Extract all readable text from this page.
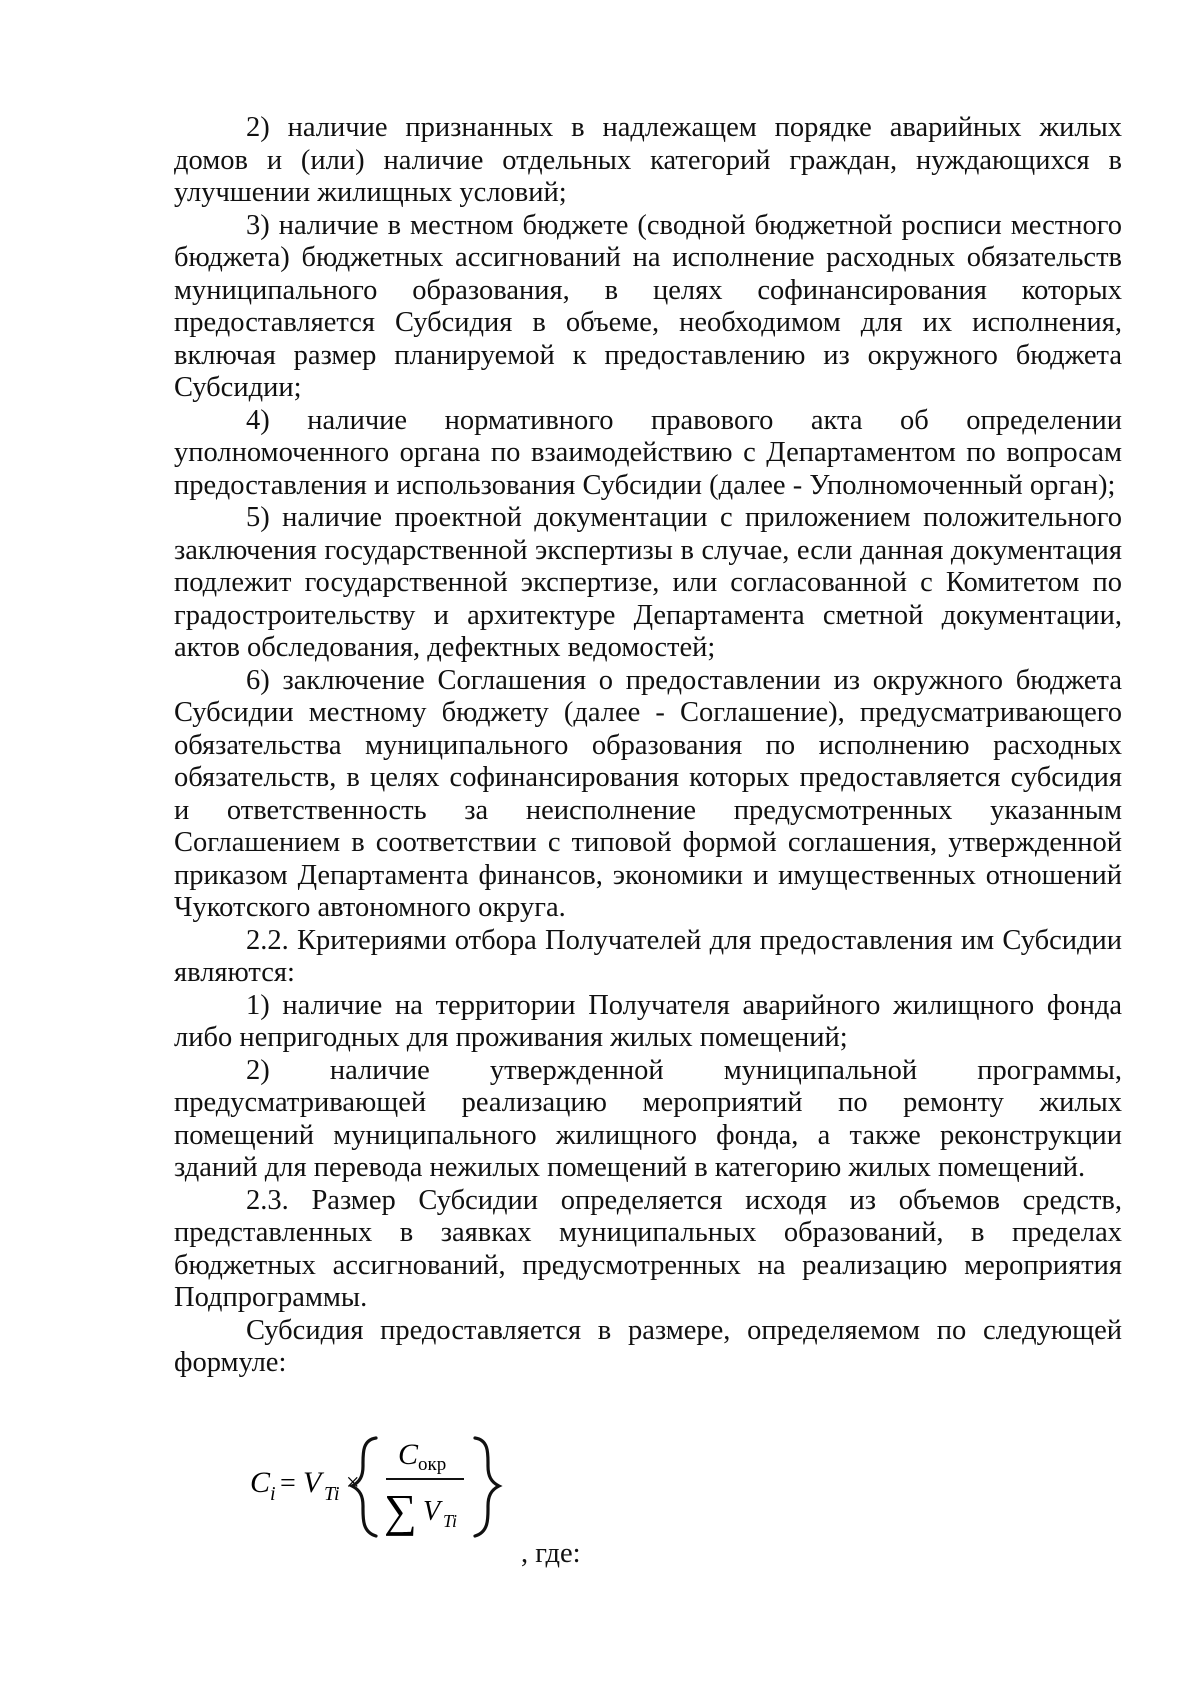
2) наличие признанных в надлежащем порядке аварийных жилых домов и (или) наличие отдельных категорий граждан, нуждающихся в улучшении жилищных условий;

3) наличие в местном бюджете (сводной бюджетной росписи местного бюджета) бюджетных ассигнований на исполнение расходных обязательств муниципального образования, в целях софинансирования которых предоставляется Субсидия в объеме, необходимом для их исполнения, включая размер планируемой к предоставлению из окружного бюджета Субсидии;

4) наличие нормативного правового акта об определении уполномоченного органа по взаимодействию с Департаментом по вопросам предоставления и использования Субсидии (далее - Уполномоченный орган);

5) наличие проектной документации с приложением положительного заключения государственной экспертизы в случае, если данная документация подлежит государственной экспертизе, или согласованной с Комитетом по градостроительству и архитектуре Департамента сметной документации, актов обследования, дефектных ведомостей;

6) заключение Соглашения о предоставлении из окружного бюджета Субсидии местному бюджету (далее - Соглашение), предусматривающего обязательства муниципального образования по исполнению расходных обязательств, в целях софинансирования которых предоставляется субсидия и ответственность за неисполнение предусмотренных указанным Соглашением в соответствии с типовой формой соглашения, утвержденной приказом Департамента финансов, экономики и имущественных отношений Чукотского автономного округа.

2.2. Критериями отбора Получателей для предоставления им Субсидии являются:

1) наличие на территории Получателя аварийного жилищного фонда либо непригодных для проживания жилых помещений;

2) наличие утвержденной муниципальной программы, предусматривающей реализацию мероприятий по ремонту жилых помещений муниципального жилищного фонда, а также реконструкции зданий для перевода нежилых помещений в категорию жилых помещений.

2.3. Размер Субсидии определяется исходя из объемов средств, представленных в заявках муниципальных образований, в пределах бюджетных ассигнований, предусмотренных на реализацию мероприятия Подпрограммы.

Субсидия предоставляется в размере, определяемом по следующей формуле:

C i = V Ti ×
C окр
∑ V Ti
, где:
